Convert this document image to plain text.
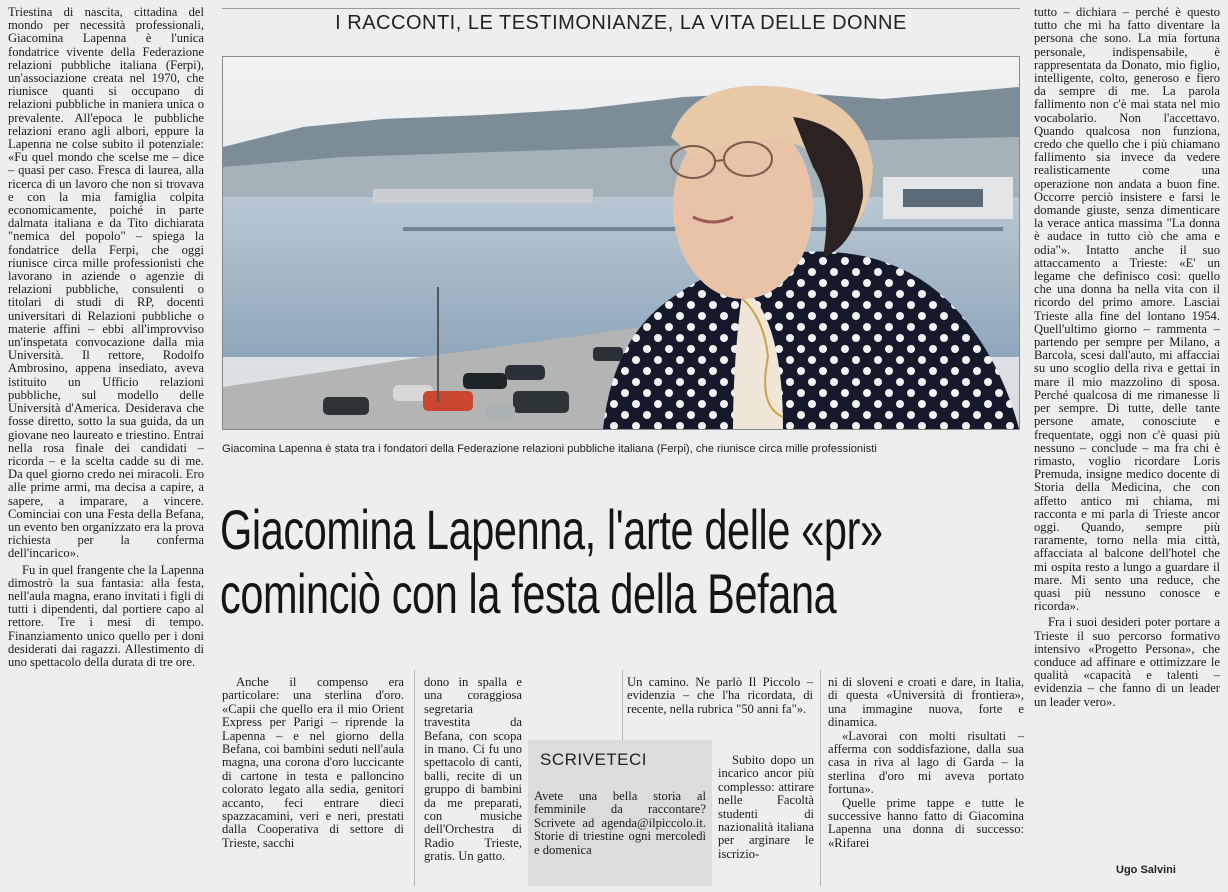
Triestina di nascita, cittadina del mondo per necessità professionali, Giacomina Lapenna è l'unica fondatrice vivente della Federazione relazioni pubbliche italiana (Ferpi), un'associazione creata nel 1970, che riunisce quanti si occupano di relazioni pubbliche in maniera unica o prevalente. All'epoca le pubbliche relazioni erano agli albori, eppure la Lapenna ne colse subito il potenziale: «Fu quel mondo che scelse me – dice – quasi per caso. Fresca di laurea, alla ricerca di un lavoro che non si trovava e con la mia famiglia colpita economicamente, poiché in parte dalmata italiana e da Tito dichiarata "nemica del popolo" – spiega la fondatrice della Ferpi, che oggi riunisce circa mille professionisti che lavorano in aziende o agenzie di relazioni pubbliche, consulenti o titolari di studi di RP, docenti universitari di Relazioni pubbliche o materie affini – ebbi all'improvviso un'inspetata convocazione dalla mia Università. Il rettore, Rodolfo Ambrosino, appena insediato, aveva istituito un Ufficio relazioni pubbliche, sul modello delle Università d'America. Desiderava che fosse diretto, sotto la sua guida, da un giovane neo laureato e triestino. Entrai nella rosa finale dei candidati – ricorda – e la scelta cadde su di me. Da quel giorno credo nei miracoli. Ero alle prime armi, ma decisa a capire, a sapere, a imparare, a vincere. Cominciai con una Festa della Befana, un evento ben organizzato era la prova richiesta per la conferma dell'incarico».

Fu in quel frangente che la Lapenna dimostrò la sua fantasia: alla festa, nell'aula magna, erano invitati i figli di tutti i dipendenti, dal portiere capo al rettore. Tre i mesi di tempo. Finanziamento unico quello per i doni desiderati dai ragazzi. Allestimento di uno spettacolo della durata di tre ore.

I RACCONTI, LE TESTIMONIANZE, LA VITA DELLE DONNE
Giacomina Lapenna è stata tra i fondatori della Federazione relazioni pubbliche italiana (Ferpi), che riunisce circa mille professionisti
Giacomina Lapenna, l'arte delle «pr»
cominciò con la festa della Befana

Anche il compenso era particolare: una sterlina d'oro. «Capii che quello era il mio Orient Express per Parigi – riprende la Lapenna – e nel giorno della Befana, coi bambini seduti nell'aula magna, una corona d'oro luccicante di cartone in testa e palloncino colorato legato alla sedia, genitori accanto, feci entrare dieci spazzacamini, veri e neri, prestati dalla Cooperativa di settore di Trieste, sacchi

dono in spalla e una coraggiosa segretaria travestita da Befana, con scopa in mano. Ci fu uno spettacolo di canti, balli, recite di un gruppo di bambini da me preparati, con musiche dell'Orchestra di Radio Trieste, gratis. Un gatto.

Un camino. Ne parlò Il Piccolo – evidenzia – che l'ha ricordata, di recente, nella rubrica "50 anni fa"».
SCRIVETECI
Avete una bella storia al femminile da raccontare? Scrivete ad agenda@ilpiccolo.it. Storie di triestine ogni mercoledì e domenica

Subito dopo un incarico ancor più complesso: attirare nelle Facoltà studenti di nazionalità italiana per arginare le iscrizio-

ni di sloveni e croati e dare, in Italia, di questa «Università di frontiera», una immagine nuova, forte e dinamica.

«Lavorai con molti risultati – afferma con soddisfazione, dalla sua casa in riva al lago di Garda – la sterlina d'oro mi aveva portato fortuna».

Quelle prime tappe e tutte le successive hanno fatto di Giacomina Lapenna una donna di successo: «Rifarei

tutto – dichiara – perché è questo tutto che mi ha fatto diventare la persona che sono. La mia fortuna personale, indispensabile, è rappresentata da Donato, mio figlio, intelligente, colto, generoso e fiero da sempre di me. La parola fallimento non c'è mai stata nel mio vocabolario. Non l'accettavo. Quando qualcosa non funziona, credo che quello che i più chiamano fallimento sia invece da vedere realisticamente come una operazione non andata a buon fine. Occorre perciò insistere e farsi le domande giuste, senza dimenticare la verace antica massima "La donna è audace in tutto ciò che ama e odia"». Intatto anche il suo attaccamento a Trieste: «E' un legame che definisco così: quello che una donna ha nella vita con il ricordo del primo amore. Lasciai Trieste alla fine del lontano 1954. Quell'ultimo giorno – rammenta – partendo per sempre per Milano, a Barcola, scesi dall'auto, mi affacciai su uno scoglio della riva e gettai in mare il mio mazzolino di sposa. Perché qualcosa di me rimanesse lì per sempre. Di tutte, delle tante persone amate, conosciute e frequentate, oggi non c'è quasi più nessuno – conclude – ma fra chi è rimasto, voglio ricordare Loris Premuda, insigne medico docente di Storia della Medicina, che con affetto antico mi chiama, mi racconta e mi parla di Trieste ancor oggi. Quando, sempre più raramente, torno nella mia città, affacciata al balcone dell'hotel che mi ospita resto a lungo a guardare il mare. Mi sento una reduce, che quasi più nessuno conosce e ricorda».

Fra i suoi desideri poter portare a Trieste il suo percorso formativo intensivo «Progetto Persona», che conduce ad affinare e ottimizzare le qualità «capacità e talenti – evidenzia – che fanno di un leader un leader vero».

Ugo Salvini
